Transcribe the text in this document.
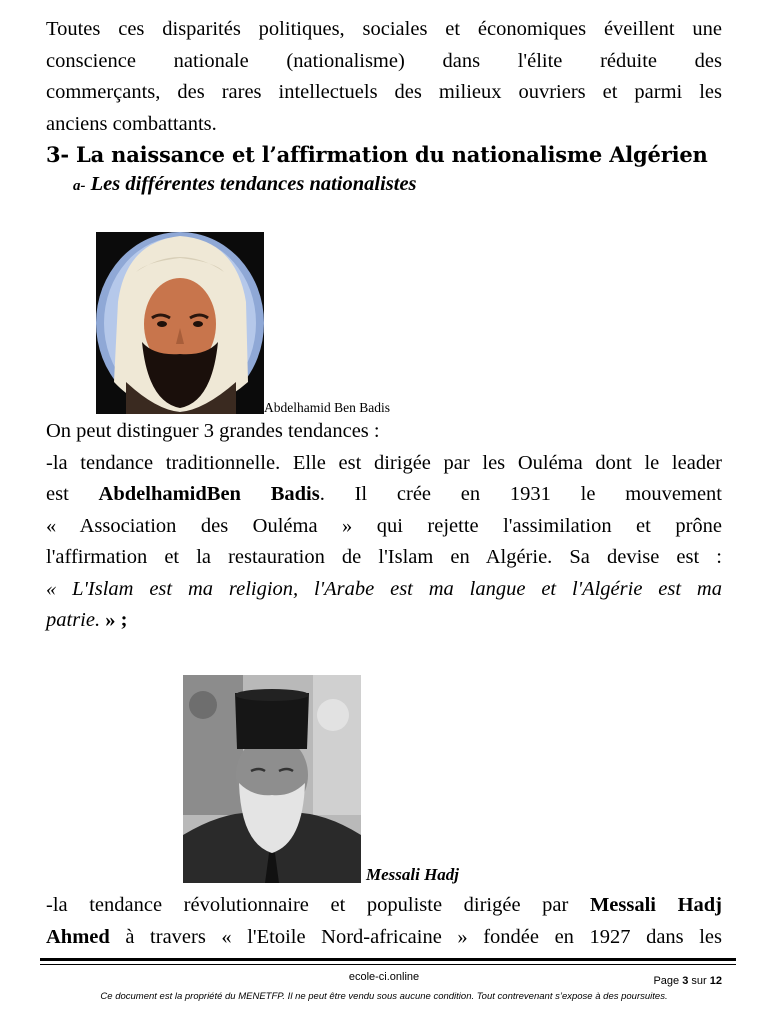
Toutes ces disparités politiques, sociales et économiques éveillent une
conscience nationale (nationalisme) dans l'élite réduite des
commerçants, des rares intellectuels des milieux ouvriers et parmi les
anciens combattants.
3- La naissance et l’affirmation du nationalisme Algérien
a- Les différentes tendances nationalistes
Abdelhamid Ben Badis
On peut distinguer 3 grandes tendances :
-la tendance traditionnelle. Elle est dirigée par les Ouléma dont le leader
est AbdelhamidBen Badis. Il crée en 1931 le mouvement
« Association des Ouléma » qui rejette l'assimilation et prône
l'affirmation et la restauration de l'Islam en Algérie. Sa devise est :
« L'Islam est ma religion, l'Arabe est ma langue et l'Algérie est ma
patrie. » ;
Messali Hadj
-la tendance révolutionnaire et populiste dirigée par Messali Hadj
Ahmed à travers « l'Etoile Nord-africaine » fondée en 1927 dans les
ecole-ci.online	Page 3 sur 12
Ce document est la propriété du MENETFP. Il ne peut être vendu sous aucune condition. Tout contrevenant s’expose à des poursuites.
